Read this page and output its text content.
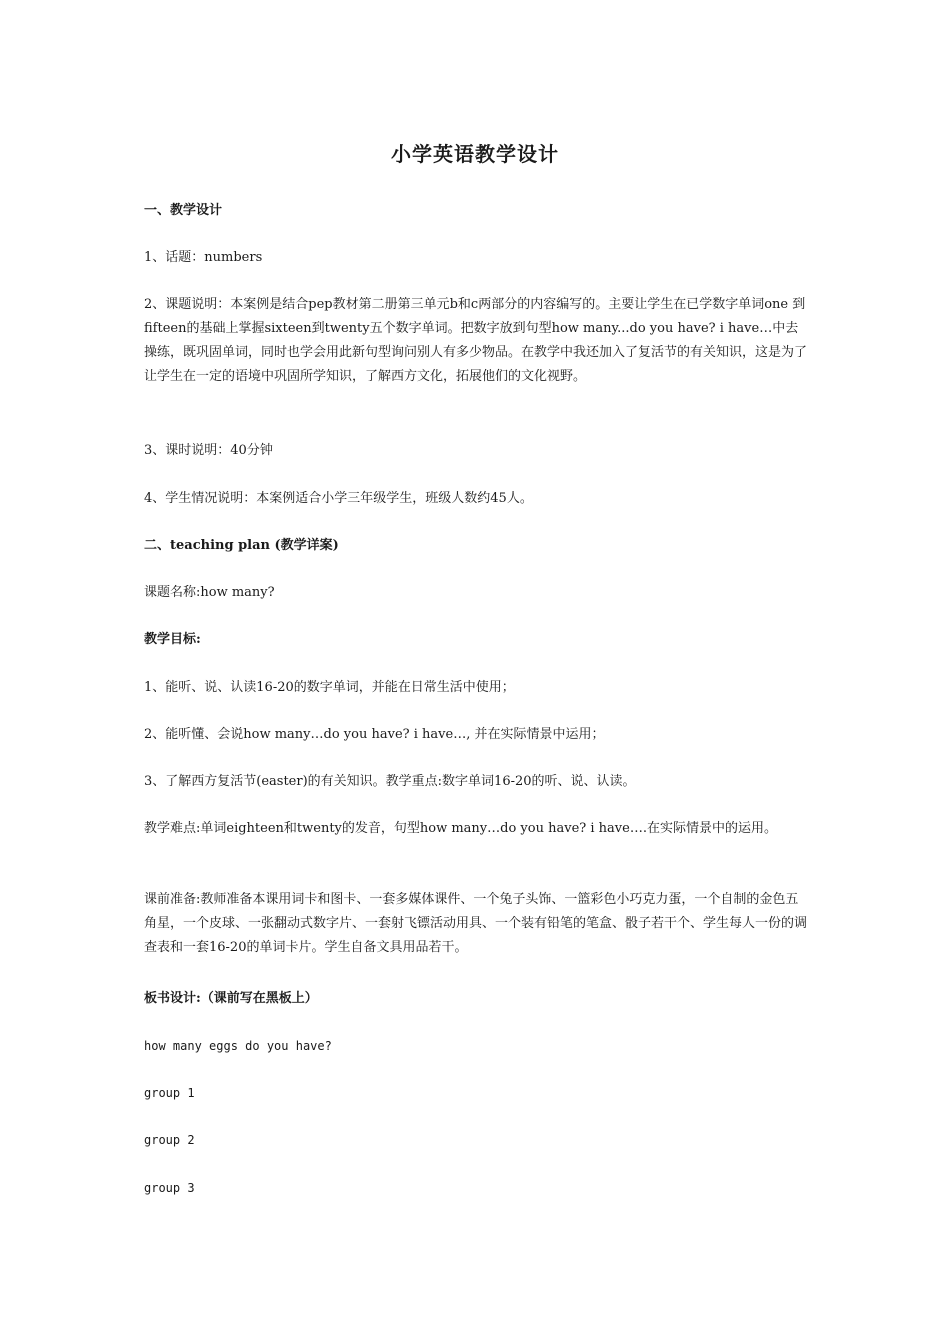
小学英语教学设计
一、教学设计
1、话题：numbers
2、课题说明：本案例是结合pep教材第二册第三单元b和c两部分的内容编写的。主要让学生在已学数字单词one 到 fifteen的基础上掌握sixteen到twenty五个数字单词。把数字放到句型how many...do you have? i have…中去操练，既巩固单词，同时也学会用此新句型询问别人有多少物品。在教学中我还加入了复活节的有关知识，这是为了让学生在一定的语境中巩固所学知识，了解西方文化，拓展他们的文化视野。
3、课时说明：40分钟
4、学生情况说明：本案例适合小学三年级学生，班级人数约45人。
二、teaching plan (教学详案)
课题名称:how many?
教学目标:
1、能听、说、认读16-20的数字单词，并能在日常生活中使用；
2、能听懂、会说how many…do you have? i have…, 并在实际情景中运用；
3、了解西方复活节(easter)的有关知识。教学重点:数字单词16-20的听、说、认读。
教学难点:单词eighteen和twenty的发音，句型how many…do you have? i have….在实际情景中的运用。
课前准备:教师准备本课用词卡和图卡、一套多媒体课件、一个兔子头饰、一篮彩色小巧克力蛋，一个自制的金色五角星，一个皮球、一张翻动式数字片、一套射飞镖活动用具、一个装有铅笔的笔盒、骰子若干个、学生每人一份的调查表和一套16-20的单词卡片。学生自备文具用品若干。
板书设计:（课前写在黑板上）
how many eggs do you have?
group 1
group 2
group 3
